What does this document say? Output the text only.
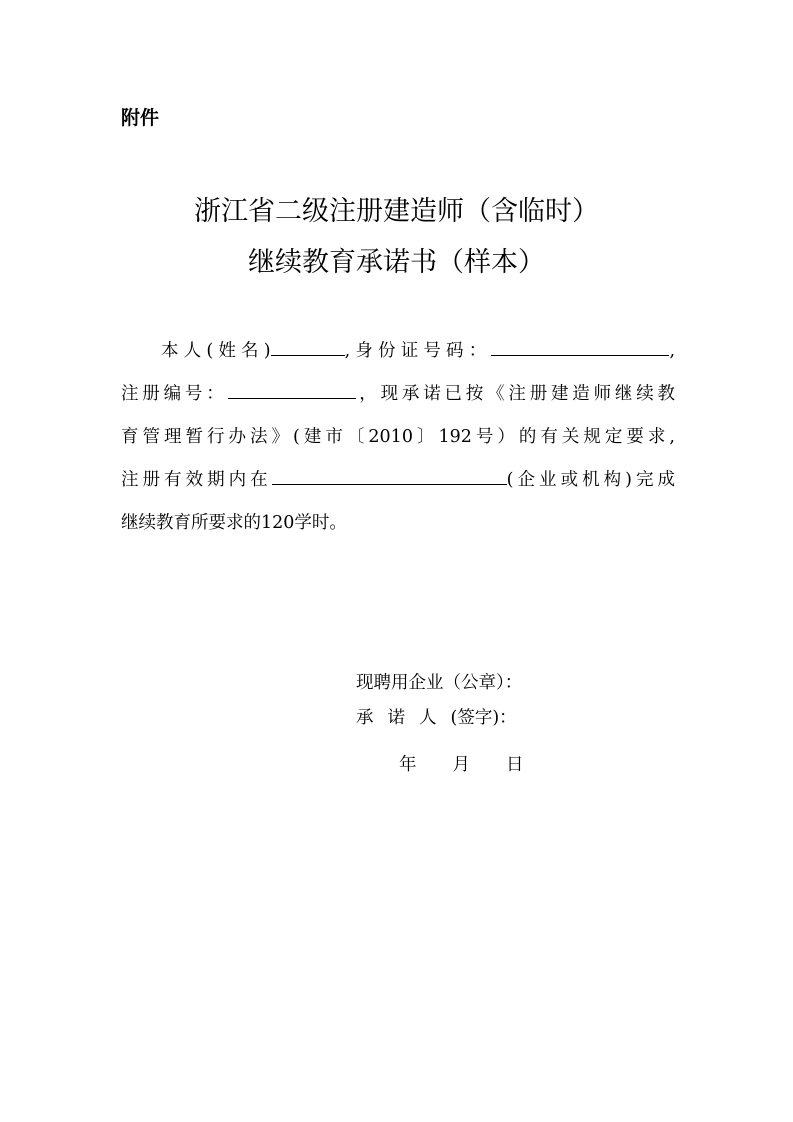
附件
浙江省二级注册建造师（含临时）
继续教育承诺书（样本）
本人(姓名)	,身份证号码：	,
注册编号：	，现承诺已按《注册建造师继续教
育管理暂行办法》(建市〔2010〕192号）的有关规定要求,
注册有效期内在	(企业或机构)完成
继续教育所要求的120学时。
现聘用企业（公章）：
承诺人(签字)：
年 月 日
